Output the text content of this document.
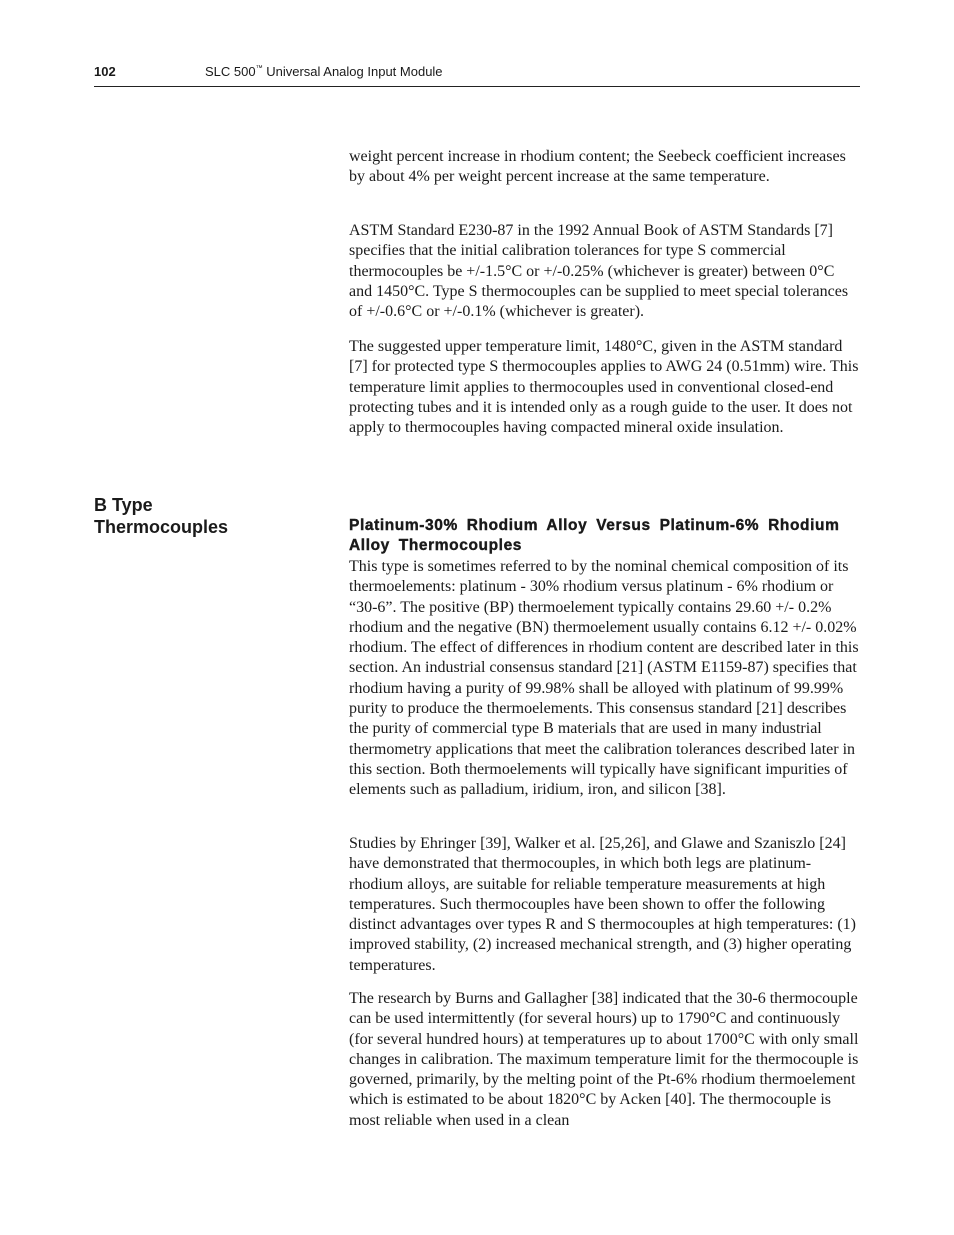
102	SLC 500™ Universal Analog Input Module

weight percent increase in rhodium content; the Seebeck coefficient increases by about 4% per weight percent increase at the same temperature.

ASTM Standard E230-87 in the 1992 Annual Book of ASTM Standards [7] specifies that the initial calibration tolerances for type S commercial thermocouples be +/-1.5°C or +/-0.25% (whichever is greater) between 0°C and 1450°C. Type S thermocouples can be supplied to meet special tolerances of +/-0.6°C or +/-0.1% (whichever is greater).

The suggested upper temperature limit, 1480°C, given in the ASTM standard [7] for protected type S thermocouples applies to AWG 24 (0.51mm) wire. This temperature limit applies to thermocouples used in conventional closed-end protecting tubes and it is intended only as a rough guide to the user. It does not apply to thermocouples having compacted mineral oxide insulation.

B Type
Thermocouples	Platinum-30% Rhodium Alloy Versus Platinum-6% Rhodium Alloy Thermocouples

This type is sometimes referred to by the nominal chemical composition of its thermoelements: platinum - 30% rhodium versus platinum - 6% rhodium or “30-6”. The positive (BP) thermoelement typically contains 29.60 +/- 0.2% rhodium and the negative (BN) thermoelement usually contains 6.12 +/- 0.02% rhodium. The effect of differences in rhodium content are described later in this section. An industrial consensus standard [21] (ASTM E1159-87) specifies that rhodium having a purity of 99.98% shall be alloyed with platinum of 99.99% purity to produce the thermoelements. This consensus standard [21] describes the purity of commercial type B materials that are used in many industrial thermometry applications that meet the calibration tolerances described later in this section. Both thermoelements will typically have significant impurities of elements such as palladium, iridium, iron, and silicon [38].

Studies by Ehringer [39], Walker et al. [25,26], and Glawe and Szaniszlo [24] have demonstrated that thermocouples, in which both legs are platinum-rhodium alloys, are suitable for reliable temperature measurements at high temperatures. Such thermocouples have been shown to offer the following distinct advantages over types R and S thermocouples at high temperatures: (1) improved stability, (2) increased mechanical strength, and (3) higher operating temperatures.

The research by Burns and Gallagher [38] indicated that the 30-6 thermocouple can be used intermittently (for several hours) up to 1790°C and continuously (for several hundred hours) at temperatures up to about 1700°C with only small changes in calibration. The maximum temperature limit for the thermocouple is governed, primarily, by the melting point of the Pt-6% rhodium thermoelement which is estimated to be about 1820°C by Acken [40]. The thermocouple is most reliable when used in a clean
